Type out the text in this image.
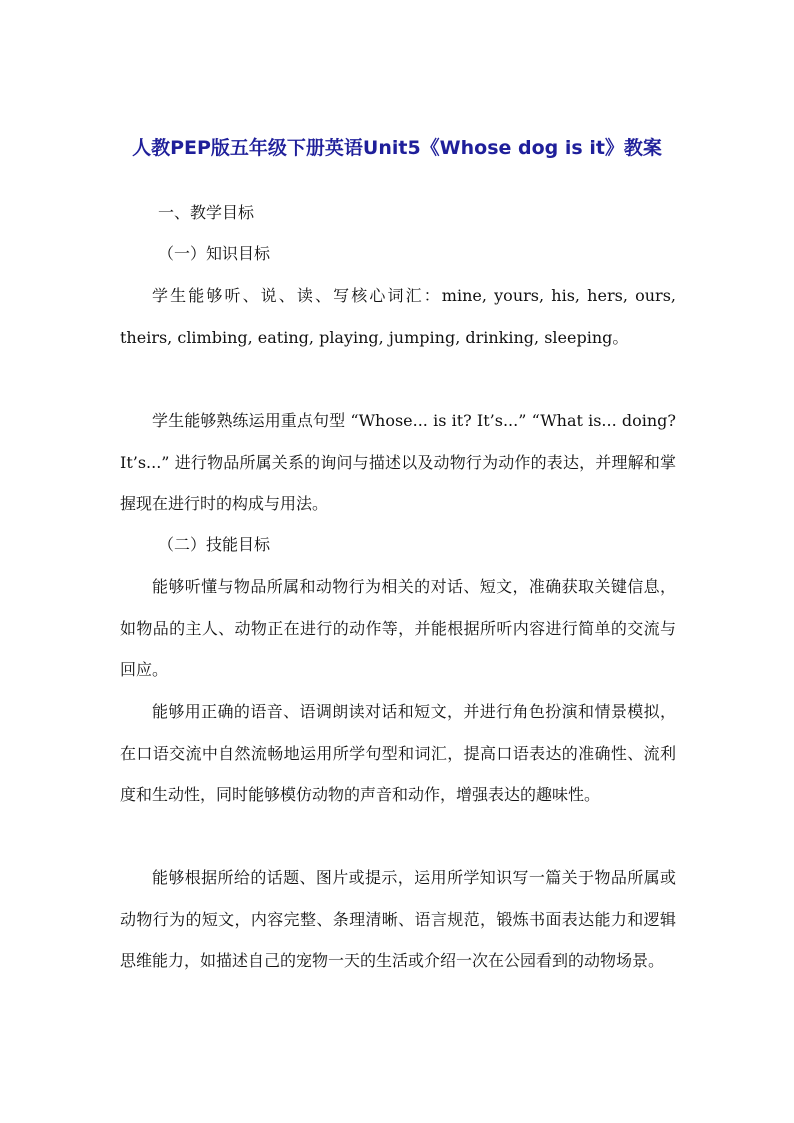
人教PEP版五年级下册英语Unit5《Whose dog is it》教案

一、教学目标

（一）知识目标

学生能够听、说、读、写核心词汇：mine, yours, his, hers, ours, theirs, climbing, eating, playing, jumping, drinking, sleeping。

学生能够熟练运用重点句型 “Whose... is it? It’s...” “What is... doing? It’s...” 进行物品所属关系的询问与描述以及动物行为动作的表达，并理解和掌握现在进行时的构成与用法。

（二）技能目标

能够听懂与物品所属和动物行为相关的对话、短文，准确获取关键信息，如物品的主人、动物正在进行的动作等，并能根据所听内容进行简单的交流与回应。

能够用正确的语音、语调朗读对话和短文，并进行角色扮演和情景模拟，在口语交流中自然流畅地运用所学句型和词汇，提高口语表达的准确性、流利度和生动性，同时能够模仿动物的声音和动作，增强表达的趣味性。

能够根据所给的话题、图片或提示，运用所学知识写一篇关于物品所属或动物行为的短文，内容完整、条理清晰、语言规范，锻炼书面表达能力和逻辑思维能力，如描述自己的宠物一天的生活或介绍一次在公园看到的动物场景。
